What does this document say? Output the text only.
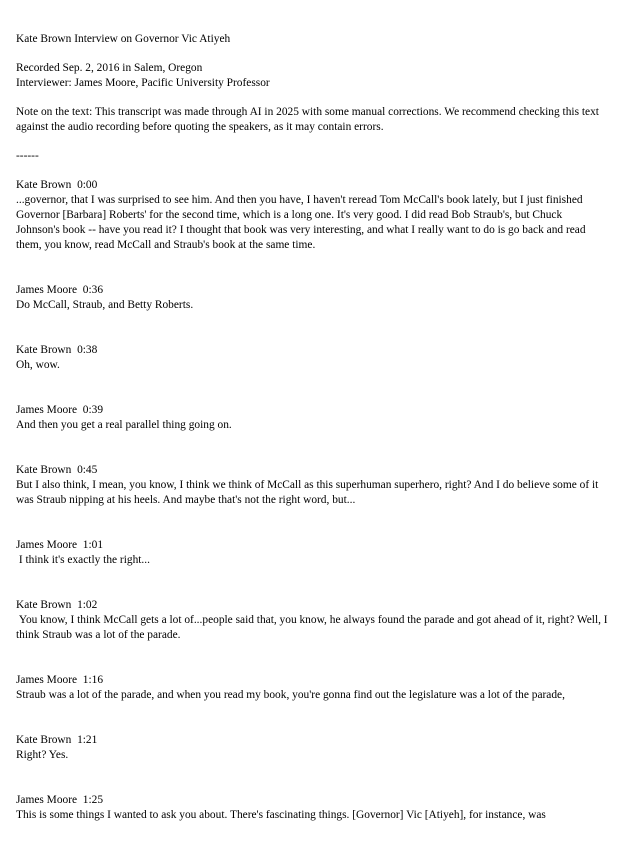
Kate Brown Interview on Governor Vic Atiyeh

Recorded Sep. 2, 2016 in Salem, Oregon

Interviewer: James Moore, Pacific University Professor

Note on the text: This transcript was made through AI in 2025 with some manual corrections. We recommend checking this text against the audio recording before quoting the speakers, as it may contain errors.

------

Kate Brown 0:00

...governor, that I was surprised to see him. And then you have, I haven't reread Tom McCall's book lately, but I just finished Governor [Barbara] Roberts' for the second time, which is a long one. It's very good. I did read Bob Straub's, but Chuck Johnson's book -- have you read it? I thought that book was very interesting, and what I really want to do is go back and read them, you know, read McCall and Straub's book at the same time.

James Moore 0:36

Do McCall, Straub, and Betty Roberts.

Kate Brown 0:38

Oh, wow.

James Moore 0:39

And then you get a real parallel thing going on.

Kate Brown 0:45

But I also think, I mean, you know, I think we think of McCall as this superhuman superhero, right? And I do believe some of it was Straub nipping at his heels. And maybe that's not the right word, but...

James Moore 1:01

I think it's exactly the right...

Kate Brown 1:02

You know, I think McCall gets a lot of...people said that, you know, he always found the parade and got ahead of it, right? Well, I think Straub was a lot of the parade.

James Moore 1:16

Straub was a lot of the parade, and when you read my book, you're gonna find out the legislature was a lot of the parade,

Kate Brown 1:21

Right? Yes.

James Moore 1:25

This is some things I wanted to ask you about. There's fascinating things. [Governor] Vic [Atiyeh], for instance, was
